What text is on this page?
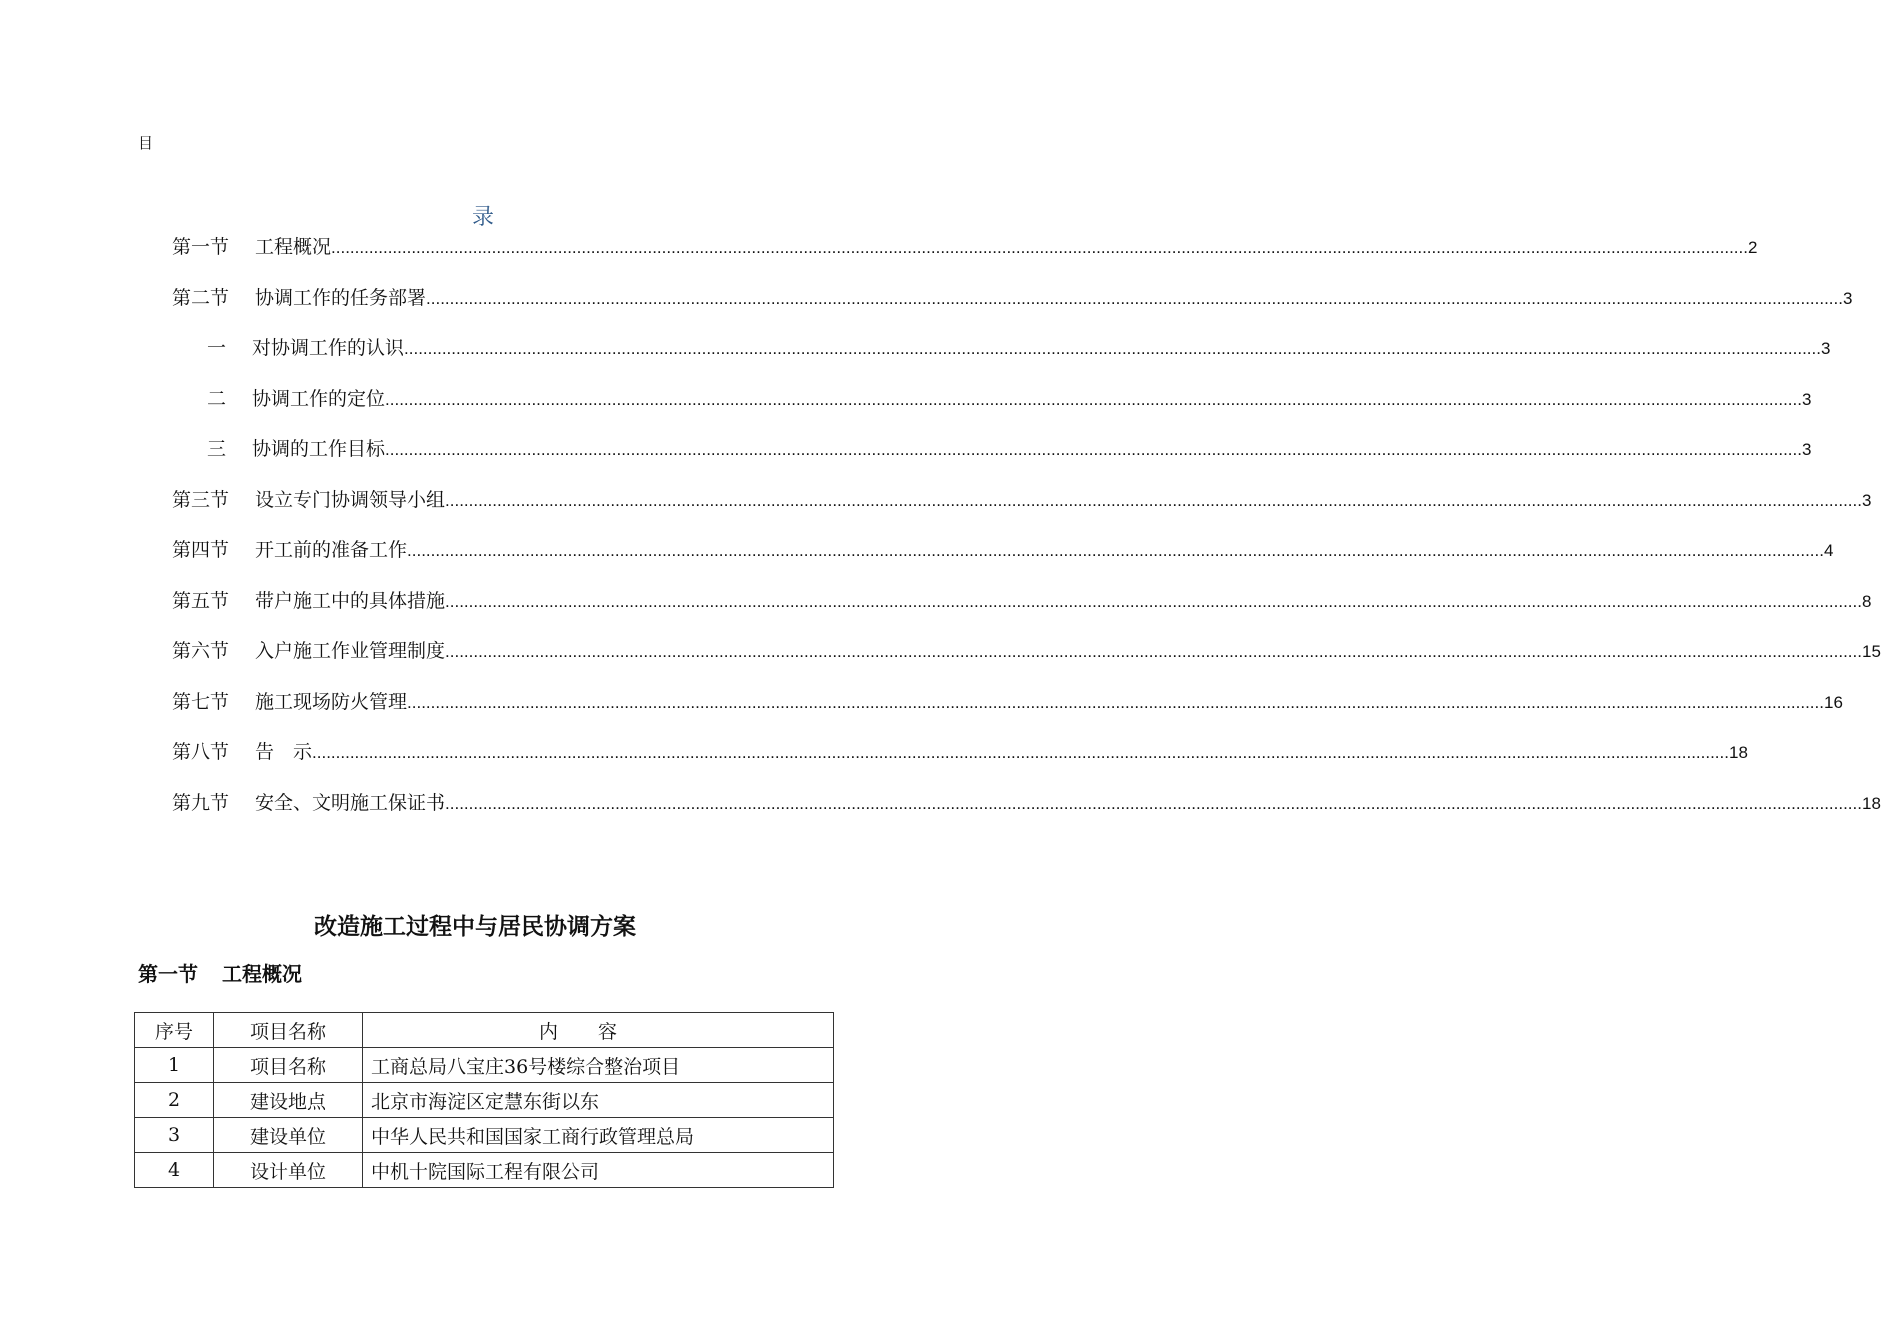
目
录
第一节 工程概况 ............................................................................................................................................................................................................................................................................................................ 2
第二节 协调工作的任务部署 ............................................................................................................................................................................................................................................................................................................ 3
一 对协调工作的认识 ............................................................................................................................................................................................................................................................................................................ 3
二 协调工作的定位 ............................................................................................................................................................................................................................................................................................................ 3
三 协调的工作目标 ............................................................................................................................................................................................................................................................................................................ 3
第三节 设立专门协调领导小组 ............................................................................................................................................................................................................................................................................................................ 3
第四节 开工前的准备工作 ............................................................................................................................................................................................................................................................................................................ 4
第五节 带户施工中的具体措施 ............................................................................................................................................................................................................................................................................................................ 8
第六节 入户施工作业管理制度 ............................................................................................................................................................................................................................................................................................................ 15
第七节 施工现场防火管理 ............................................................................................................................................................................................................................................................................................................ 16
第八节 告　示 ............................................................................................................................................................................................................................................................................................................ 18
第九节 安全、文明施工保证书 ............................................................................................................................................................................................................................................................................................................ 18
改造施工过程中与居民协调方案
第一节 工程概况
序号	项目名称	内容
1	项目名称	工商总局八宝庄36号楼综合整治项目
2	建设地点	北京市海淀区定慧东街以东
3	建设单位	中华人民共和国国家工商行政管理总局
4	设计单位	中机十院国际工程有限公司
